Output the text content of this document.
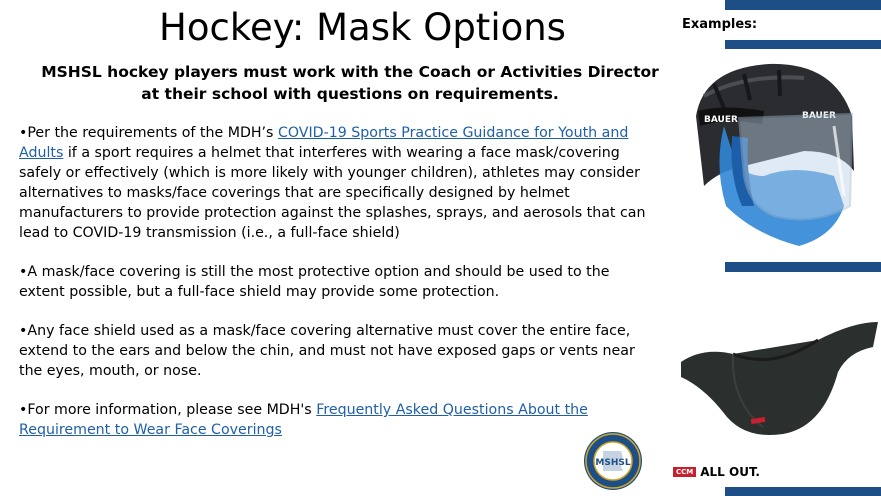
Hockey: Mask Options
MSHSL hockey players must work with the Coach or Activities Director
at their school with questions on requirements.

•Per the requirements of the MDH’s COVID-19 Sports Practice Guidance for Youth and Adults if a sport requires a helmet that interferes with wearing a face mask/covering safely or effectively (which is more likely with younger children), athletes may consider alternatives to masks/face coverings that are specifically designed by helmet manufacturers to provide protection against the splashes, sprays, and aerosols that can lead to COVID-19 transmission (i.e., a full-face shield)

•A mask/face covering is still the most protective option and should be used to the extent possible, but a full-face shield may provide some protection.

•Any face shield used as a mask/face covering alternative must cover the entire face, extend to the ears and below the chin, and must not have exposed gaps or vents near the eyes, mouth, or nose.

•For more information, please see MDH's Frequently Asked Questions About the Requirement to Wear Face Coverings

Examples:
BAUER	BAUER
CCM ALL OUT.
MSHSL
